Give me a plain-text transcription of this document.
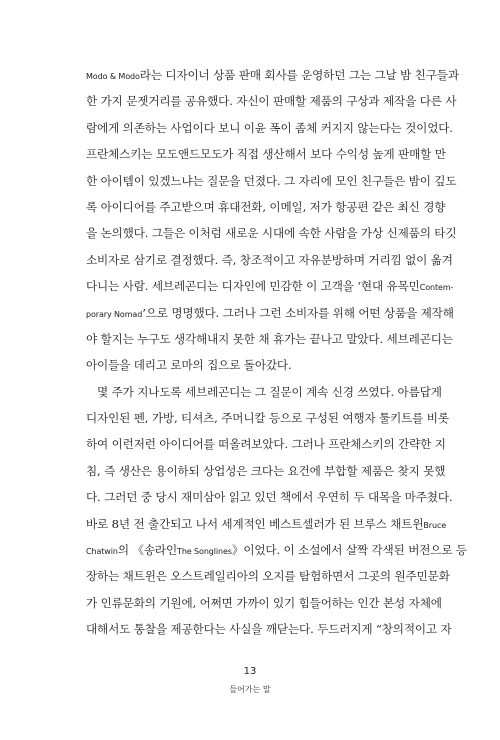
Modo & Modo라는 디자이너 상품 판매 회사를 운영하던 그는 그날 밤 친구들과
한 가지 문젯거리를 공유했다. 자신이 판매할 제품의 구상과 제작을 다른 사
람에게 의존하는 사업이다 보니 이윤 폭이 좀체 커지지 않는다는 것이었다.
프란체스키는 모도앤드모도가 직접 생산해서 보다 수익성 높게 판매할 만
한 아이템이 있겠느냐는 질문을 던졌다. 그 자리에 모인 친구들은 밤이 깊도
록 아이디어를 주고받으며 휴대전화, 이메일, 저가 항공편 같은 최신 경향
을 논의했다. 그들은 이처럼 새로운 시대에 속한 사람을 가상 신제품의 타깃
소비자로 삼기로 결정했다. 즉, 창조적이고 자유분방하며 거리낌 없이 옮겨
다니는 사람. 세브레곤디는 디자인에 민감한 이 고객을 ‘현대 유목민Contem-
porary Nomad’으로 명명했다. 그러나 그런 소비자를 위해 어떤 상품을 제작해
야 할지는 누구도 생각해내지 못한 채 휴가는 끝나고 말았다. 세브레곤디는
아이들을 데리고 로마의 집으로 돌아갔다.
몇 주가 지나도록 세브레곤디는 그 질문이 계속 신경 쓰였다. 아름답게
디자인된 펜, 가방, 티셔츠, 주머니칼 등으로 구성된 여행자 툴키트를 비롯
하여 이런저런 아이디어를 떠올려보았다. 그러나 프란체스키의 간략한 지
침, 즉 생산은 용이하되 상업성은 크다는 요건에 부합할 제품은 찾지 못했
다. 그러던 중 당시 재미삼아 읽고 있던 책에서 우연히 두 대목을 마주쳤다.
바로 8년 전 출간되고 나서 세계적인 베스트셀러가 된 브루스 채트윈Bruce
Chatwin의 《송라인The Songlines》이었다. 이 소설에서 살짝 각색된 버전으로 등
장하는 채트윈은 오스트레일리아의 오지를 탐험하면서 그곳의 원주민문화
가 인류문화의 기원에, 어쩌면 가까이 있기 힘들어하는 인간 본성 자체에
대해서도 통찰을 제공한다는 사실을 깨닫는다. 두드러지게 “창의적이고 자
13
들어가는 말
